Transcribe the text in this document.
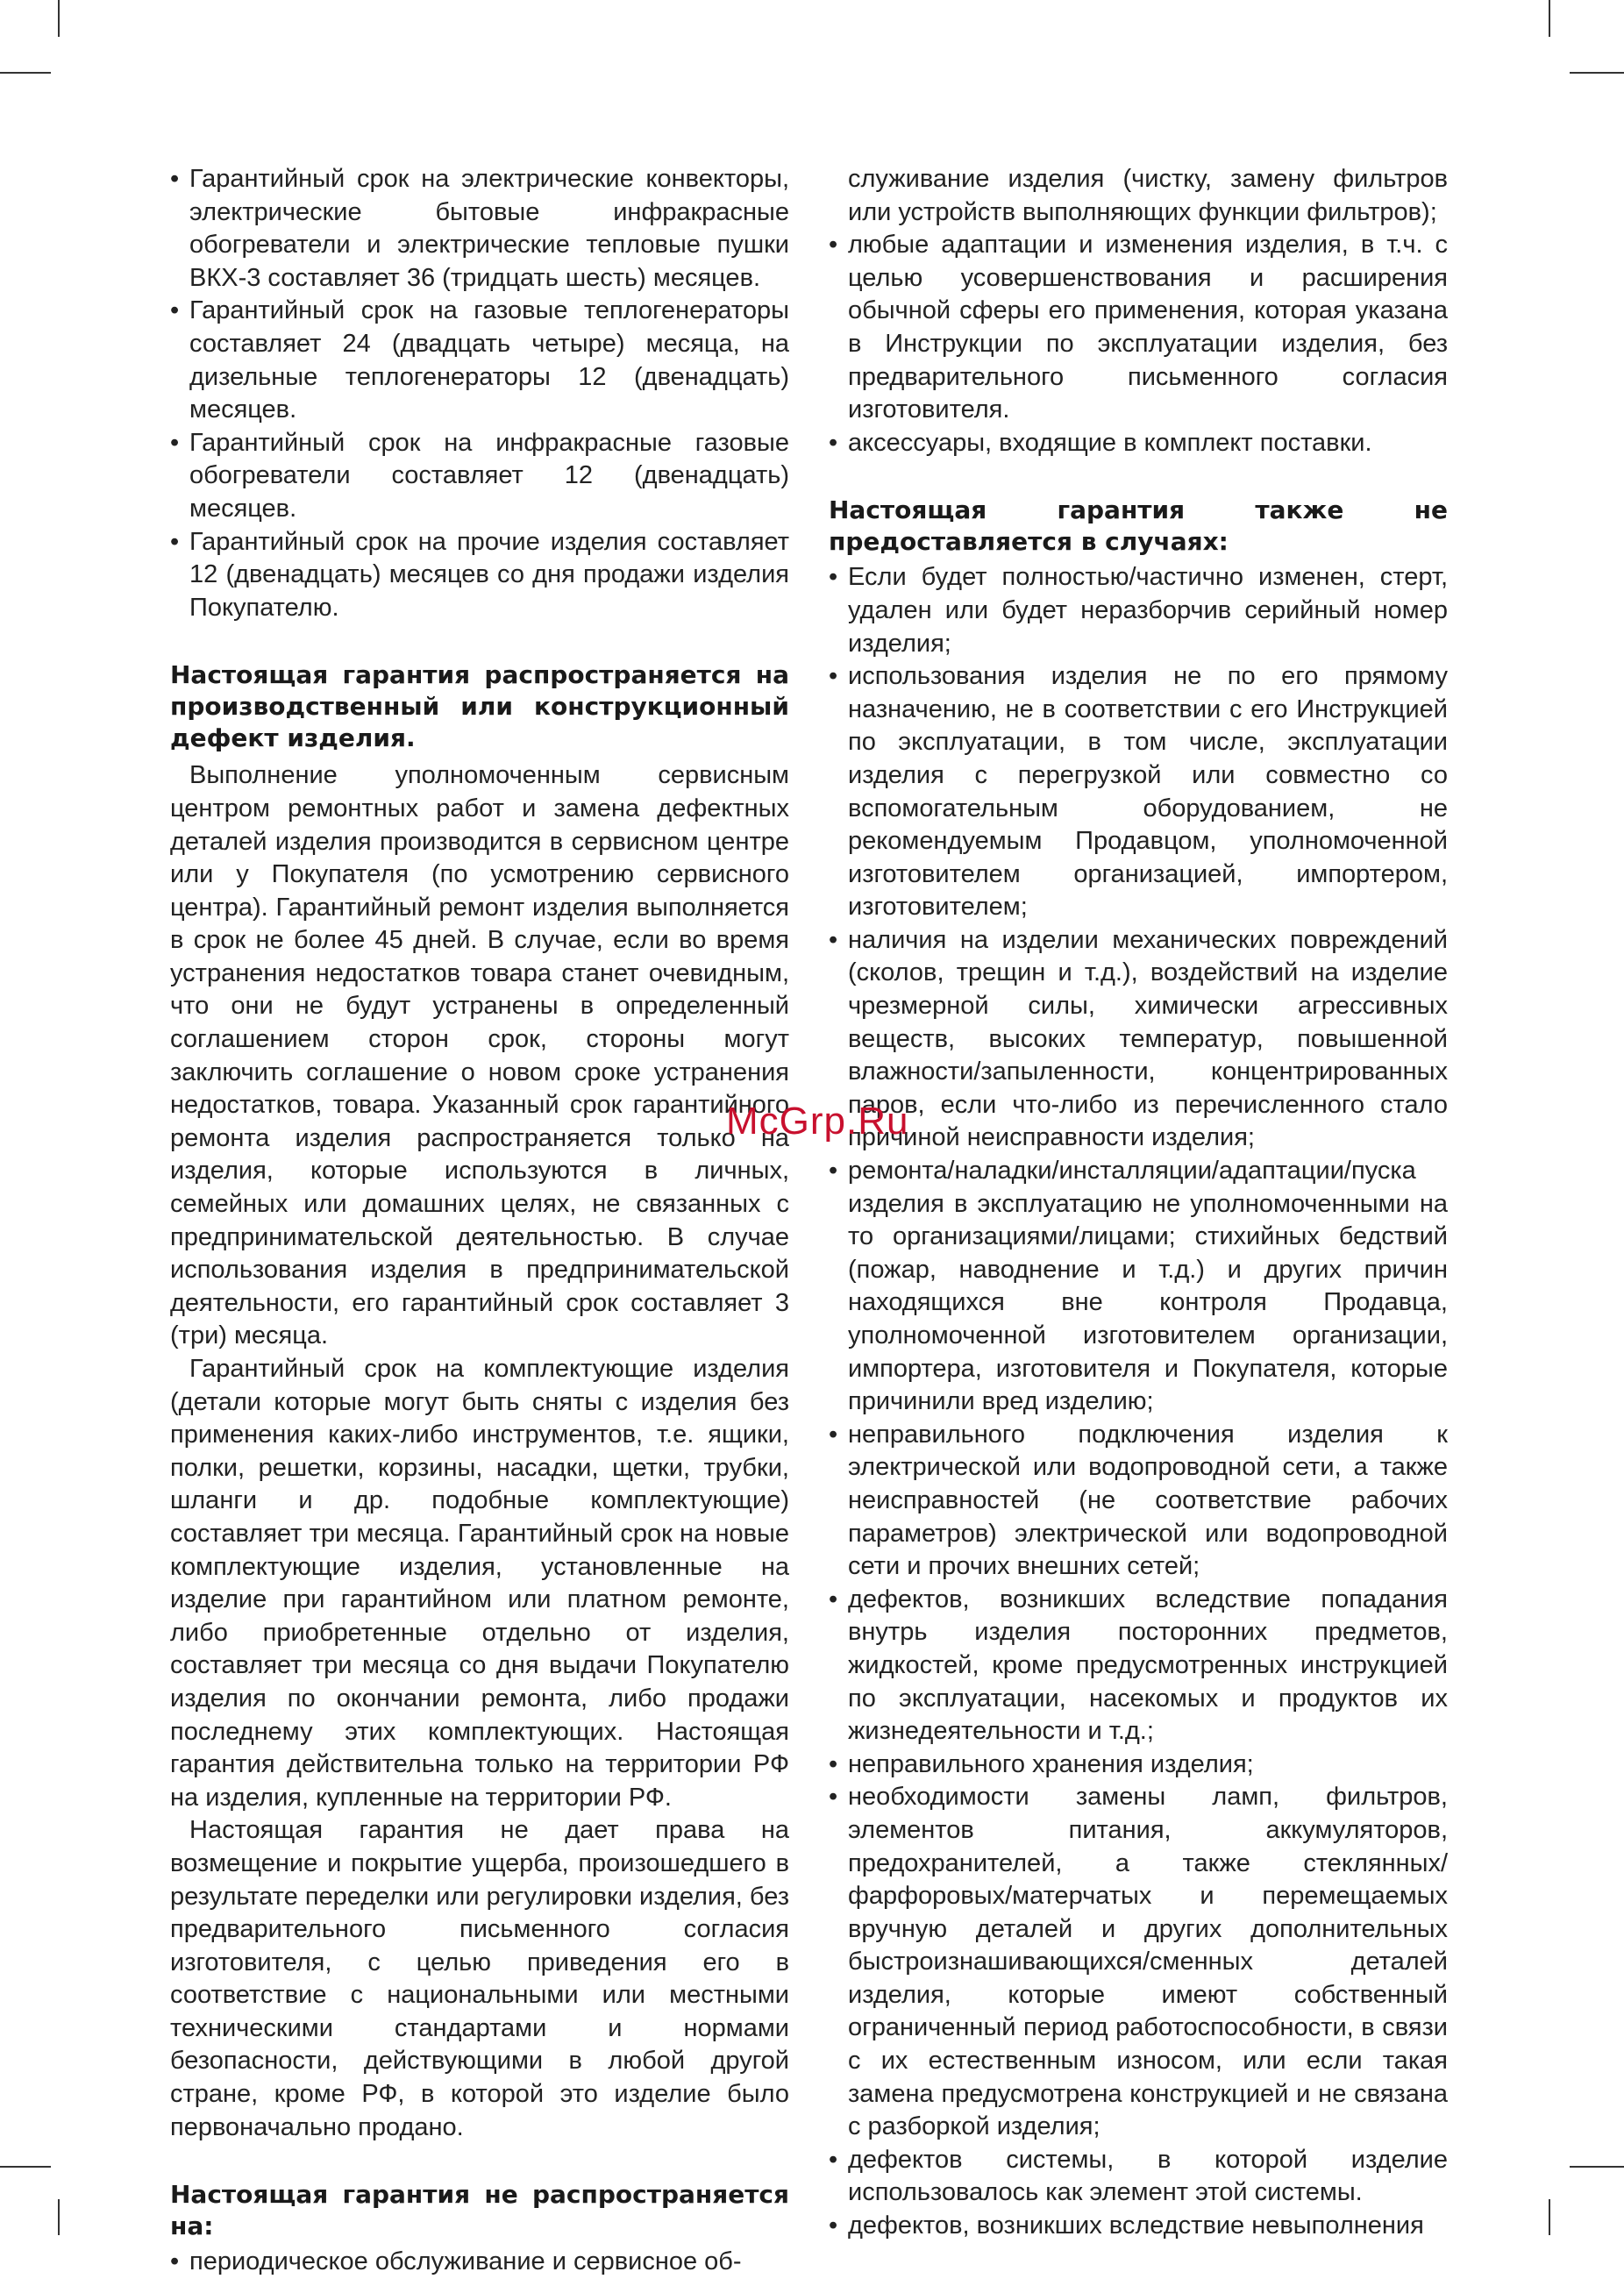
• Гарантийный срок на электрические конвекторы, электрические бытовые инфракрасные обогреватели и электрические тепловые пушки ВКХ-3 составляет 36 (тридцать шесть) месяцев.

• Гарантийный срок на газовые теплогенераторы составляет 24 (двадцать четыре) месяца, на дизельные теплогенераторы 12 (двенадцать) месяцев.

• Гарантийный срок на инфракрасные газовые обогреватели составляет 12 (двенадцать) месяцев.

• Гарантийный срок на прочие изделия составляет 12 (двенадцать) месяцев со дня продажи изделия Покупателю.

Настоящая гарантия распространяется на производственный или конструкционный дефект изделия.

Выполнение уполномоченным сервисным центром ремонтных работ и замена дефектных деталей изделия производится в сервисном центре или у Покупателя (по усмотрению сервисного центра). Гарантийный ремонт изделия выполняется в срок не более 45 дней. В случае, если во время устранения недостатков товара станет очевидным, что они не будут устранены в определенный соглашением сторон срок, стороны могут заключить соглашение о новом сроке устранения недостатков, товара. Указанный срок гарантийного ремонта изделия распространяется только на изделия, которые используются в личных, семейных или домашних целях, не связанных с предпринимательской деятельностью. В случае использования изделия в предпринимательской деятельности, его гарантийный срок составляет 3 (три) месяца.

Гарантийный срок на комплектующие изделия (детали которые могут быть сняты с изделия без применения каких-либо инструментов, т.е. ящики, полки, решетки, корзины, насадки, щетки, трубки, шланги и др. подобные комплектующие) составляет три месяца. Гарантийный срок на новые комплектующие изделия, установленные на изделие при гарантийном или платном ремонте, либо приобретенные отдельно от изделия, составляет три месяца со дня выдачи Покупателю изделия по окончании ремонта, либо продажи последнему этих комплектующих. Настоящая гарантия действительна только на территории РФ на изделия, купленные на территории РФ.

Настоящая гарантия не дает права на возмещение и покрытие ущерба, произошедшего в результате переделки или регулировки изделия, без предварительного письменного согласия изготовителя, с целью приведения его в соответствие с национальными или местными техническими стандартами и нормами безопасности, действующими в любой другой стране, кроме РФ, в которой это изделие было первоначально продано.

Настоящая гарантия не распространяется на:

• периодическое обслуживание и сервисное об-

служивание изделия (чистку, замену фильтров или устройств выполняющих функции фильтров);

• любые адаптации и изменения изделия, в т.ч. с целью усовершенствования и расширения обычной сферы его применения, которая указана в Инструкции по эксплуатации изделия, без предварительного письменного согласия изготовителя.

• аксессуары, входящие в комплект поставки.

Настоящая гарантия также не предоставляется в случаях:

• Если будет полностью/частично изменен, стерт, удален или будет неразборчив серийный номер изделия;

• использования изделия не по его прямому назначению, не в соответствии с его Инструкцией по эксплуатации, в том числе, эксплуатации изделия с перегрузкой или совместно со вспомогательным оборудованием, не рекомендуемым Продавцом, уполномоченной изготовителем организацией, импортером, изготовителем;

• наличия на изделии механических повреждений (сколов, трещин и т.д.), воздействий на изделие чрезмерной силы, химически агрессивных веществ, высоких температур, повышенной влажности/запыленности, концентрированных паров, если что-либо из перечисленного стало причиной неисправности изделия;

• ремонта/наладки/инсталляции/адаптации/пуска изделия в эксплуатацию не уполномоченными на то организациями/лицами; стихийных бедствий (пожар, наводнение и т.д.) и других причин находящихся вне контроля Продавца, уполномоченной изготовителем организации, импортера, изготовителя и Покупателя, которые причинили вред изделию;

• неправильного подключения изделия к электрической или водопроводной сети, а также неисправностей (не соответствие рабочих параметров) электрической или водопроводной сети и прочих внешних сетей;

• дефектов, возникших вследствие попадания внутрь изделия посторонних предметов, жидкостей, кроме предусмотренных инструкцией по эксплуатации, насекомых и продуктов их жизнедеятельности и т.д.;

• неправильного хранения изделия;

• необходимости замены ламп, фильтров, элементов питания, аккумуляторов, предохранителей, а также стеклянных/фарфоровых/матерчатых и перемещаемых вручную деталей и других дополнительных быстроизнашивающихся/сменных деталей изделия, которые имеют собственный ограниченный период работоспособности, в связи с их естественным износом, или если такая замена предусмотрена конструкцией и не связана с разборкой изделия;

• дефектов системы, в которой изделие использовалось как элемент этой системы.

• дефектов, возникших вследствие невыполнения

McGrp.Ru
